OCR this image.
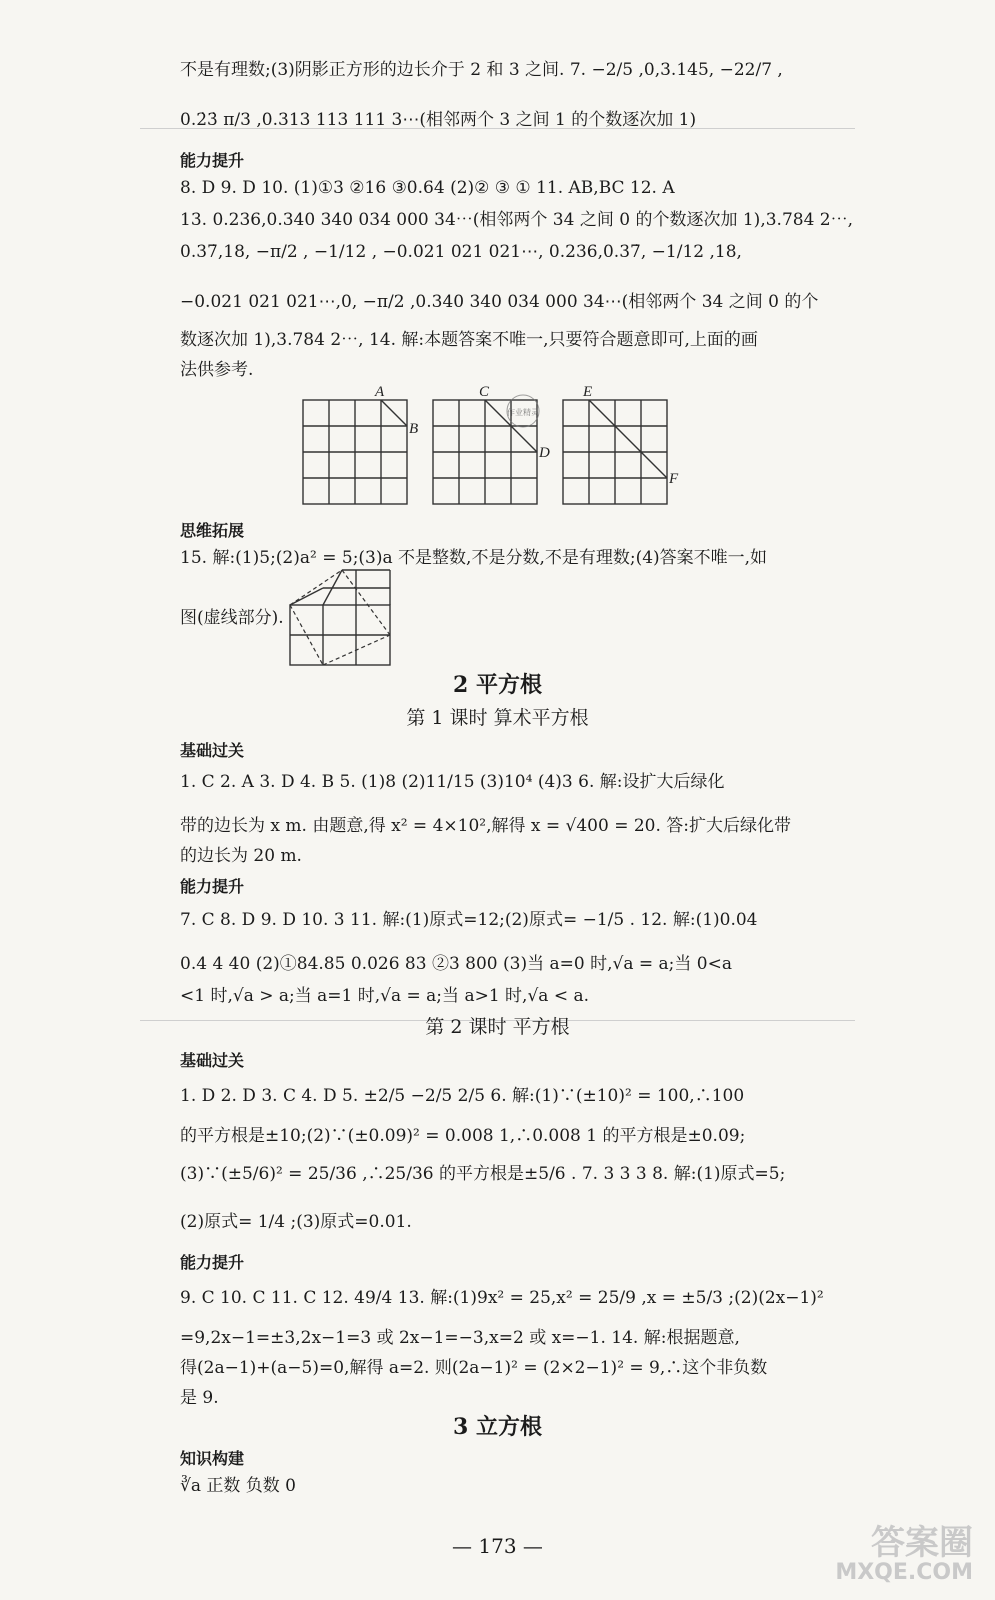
不是有理数;(3)阴影正方形的边长介于 2 和 3 之间. 7. −2/5 ,0,3.145, −22/7 ,
0.2̇3̇ π/3 ,0.313 113 111 3⋯(相邻两个 3 之间 1 的个数逐次加 1)
能力提升
8. D 9. D 10. (1)①3 ②16 ③0.64 (2)② ③ ① 11. AB,BC 12. A
13. 0.236,0.340 340 034 000 34⋯(相邻两个 34 之间 0 的个数逐次加 1),3.784 2⋯,
0.37̇,18, −π/2 , −1/12 , −0.021 021 021⋯, 0.236,0.37̇, −1/12 ,18,
−0.021 021 021⋯,0, −π/2 ,0.340 340 034 000 34⋯(相邻两个 34 之间 0 的个
数逐次加 1),3.784 2⋯, 14. 解:本题答案不唯一,只要符合题意即可,上面的画
法供参考.
A
B
C
D
E
F
作业精灵
思维拓展
15. 解:(1)5;(2)a² = 5;(3)a 不是整数,不是分数,不是有理数;(4)答案不唯一,如
图(虚线部分).
2 平方根
第 1 课时 算术平方根
基础过关
1. C 2. A 3. D 4. B 5. (1)8 (2)11/15 (3)10⁴ (4)3 6. 解:设扩大后绿化
带的边长为 x m. 由题意,得 x² = 4×10²,解得 x = √400 = 20. 答:扩大后绿化带
的边长为 20 m.
能力提升
7. C 8. D 9. D 10. 3 11. 解:(1)原式=12;(2)原式= −1/5 . 12. 解:(1)0.04
0.4 4 40 (2)①84.85 0.026 83 ②3 800 (3)当 a=0 时,√a = a;当 0<a
<1 时,√a > a;当 a=1 时,√a = a;当 a>1 时,√a < a.
第 2 课时 平方根
基础过关
1. D 2. D 3. C 4. D 5. ±2/5 −2/5 2/5 6. 解:(1)∵(±10)² = 100,∴100
的平方根是±10;(2)∵(±0.09)² = 0.008 1,∴0.008 1 的平方根是±0.09;
(3)∵(±5/6)² = 25/36 ,∴25/36 的平方根是±5/6 . 7. 3 3 3 8. 解:(1)原式=5;
(2)原式= 1/4 ;(3)原式=0.01.
能力提升
9. C 10. C 11. C 12. 49/4 13. 解:(1)9x² = 25,x² = 25/9 ,x = ±5/3 ;(2)(2x−1)²
=9,2x−1=±3,2x−1=3 或 2x−1=−3,x=2 或 x=−1. 14. 解:根据题意,
得(2a−1)+(a−5)=0,解得 a=2. 则(2a−1)² = (2×2−1)² = 9,∴这个非负数
是 9.
3 立方根
知识构建
∛a 正数 负数 0
— 173 —	答案圈
MXQE.COM
